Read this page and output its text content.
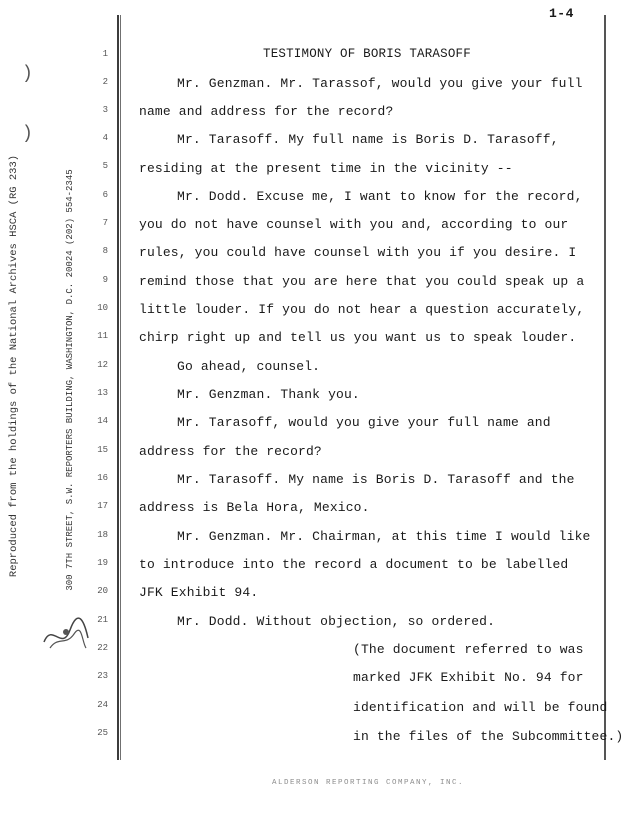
1-4
TESTIMONY OF BORIS TARASOFF
Reproduced from the holdings of the National Archives HSCA (RG 233)	300 7TH STREET, S.W. REPORTERS BUILDING, WASHINGTON, D.C. 20024 (202) 554-2345
)
)
1
2
3
4
5
6
7
8
9
10
11
12
13
14
15
16
17
18
19
20
21
22
23
24
25
Mr. Genzman. Mr. Tarassof, would you give your full
name and address for the record?
Mr. Tarasoff. My full name is Boris D. Tarasoff,
residing at the present time in the vicinity --
Mr. Dodd. Excuse me, I want to know for the record,
you do not have counsel with you and, according to our
rules, you could have counsel with you if you desire. I
remind those that you are here that you could speak up a
little louder. If you do not hear a question accurately,
chirp right up and tell us you want us to speak louder.
Go ahead, counsel.
Mr. Genzman. Thank you.
Mr. Tarasoff, would you give your full name and
address for the record?
Mr. Tarasoff. My name is Boris D. Tarasoff and the
address is Bela Hora, Mexico.
Mr. Genzman. Mr. Chairman, at this time I would like
to introduce into the record a document to be labelled
JFK Exhibit 94.
Mr. Dodd. Without objection, so ordered.
(The document referred to was
marked JFK Exhibit No. 94 for
identification and will be found
in the files of the Subcommittee.)
ALDERSON REPORTING COMPANY, INC.
